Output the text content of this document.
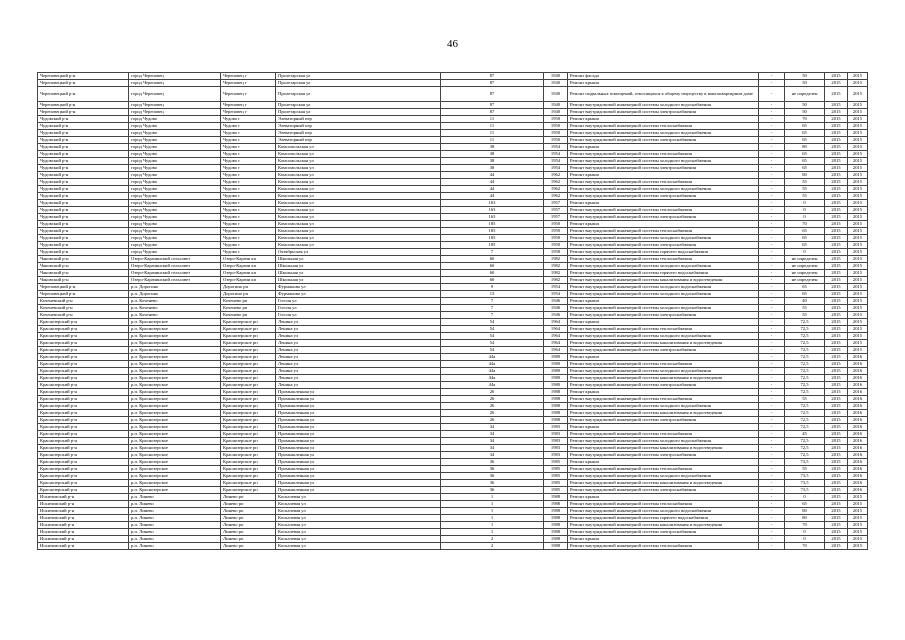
46
Череповецкий р-н	город Череповец	Череповец г	Пролетарская ул	87	1940	Ремонт фасада	-	50	2015	2015
Череповецкий р-н	город Череповец	Череповец г	Пролетарская ул	87	1940	Ремонт крыши	-	50	2015	2015
Череповецкий р-н	город Череповец	Череповец г	Пролетарская ул	87	1940	Ремонт подвальных помещений, относящихся к общему имуществу в многоквартирном доме	-	не определен	2015	2015
Череповецкий р-н	город Череповец	Череповец г	Пролетарская ул	87	1940	Ремонт внутридомовой инженерной системы холодного водоснабжения	-	50	2015	2015
Череповецкий р-н	город Череповец	Череповец г	Пролетарская ул	87	1940	Ремонт внутридомовой инженерной системы электроснабжения	-	50	2015	2015
Чудовский р-н	город Чудово	Чудово г	Элеваторный пер	11	1950	Ремонт крыши	-	70	2015	2015
Чудовский р-н	город Чудово	Чудово г	Элеваторный пер	11	1950	Ремонт внутридомовой инженерной системы теплоснабжения	-	65	2015	2015
Чудовский р-н	город Чудово	Чудово г	Элеваторный пер	11	1950	Ремонт внутридомовой инженерной системы холодного водоснабжения	-	65	2015	2015
Чудовский р-н	город Чудово	Чудово г	Элеваторный пер	11	1950	Ремонт внутридомовой инженерной системы электроснабжения	-	65	2015	2015
Чудовский р-н	город Чудово	Чудово г	Комсомольская ул	38	1954	Ремонт крыши	-	80	2015	2015
Чудовский р-н	город Чудово	Чудово г	Комсомольская ул	38	1954	Ремонт внутридомовой инженерной системы теплоснабжения	-	65	2015	2015
Чудовский р-н	город Чудово	Чудово г	Комсомольская ул	38	1954	Ремонт внутридомовой инженерной системы холодного водоснабжения	-	65	2015	2015
Чудовский р-н	город Чудово	Чудово г	Комсомольская ул	38	1954	Ремонт внутридомовой инженерной системы электроснабжения	-	65	2015	2015
Чудовский р-н	город Чудово	Чудово г	Комсомольская ул	44	1962	Ремонт крыши	-	80	2015	2015
Чудовский р-н	город Чудово	Чудово г	Комсомольская ул	44	1962	Ремонт внутридомовой инженерной системы теплоснабжения	-	55	2015	2015
Чудовский р-н	город Чудово	Чудово г	Комсомольская ул	44	1962	Ремонт внутридомовой инженерной системы холодного водоснабжения	-	55	2015	2015
Чудовский р-н	город Чудово	Чудово г	Комсомольская ул	44	1962	Ремонт внутридомовой инженерной системы электроснабжения	-	55	2015	2015
Чудовский р-н	город Чудово	Чудово г	Комсомольская ул	163	1957	Ремонт крыши	-	0	2015	2015
Чудовский р-н	город Чудово	Чудово г	Комсомольская ул	163	1957	Ремонт внутридомовой инженерной системы теплоснабжения	-	0	2015	2015
Чудовский р-н	город Чудово	Чудово г	Комсомольская ул	163	1957	Ремонт внутридомовой инженерной системы электроснабжения	-	0	2015	2015
Чудовский р-н	город Чудово	Чудово г	Комсомольская ул	185	1950	Ремонт крыши	-	70	2015	2015
Чудовский р-н	город Чудово	Чудово г	Комсомольская ул	185	1950	Ремонт внутридомовой инженерной системы теплоснабжения	-	65	2015	2015
Чудовский р-н	город Чудово	Чудово г	Комсомольская ул	185	1950	Ремонт внутридомовой инженерной системы холодного водоснабжения	-	65	2015	2015
Чудовский р-н	город Чудово	Чудово г	Комсомольская ул	185	1950	Ремонт внутридомовой инженерной системы электроснабжения	-	65	2015	2015
Чудовский р-н	город Чудово	Чудово г	Октябрьская ул	7	1958	Ремонт внутридомовой инженерной системы горячего водоснабжения	-	0	2015	2015
Чановский р-н	Озеро-Карачинский сельсовет	Озеро-Карачи кп	Школьная ул	60	1982	Ремонт внутридомовой инженерной системы теплоснабжения	-	не определен	2015	2015
Чановский р-н	Озеро-Карачинский сельсовет	Озеро-Карачи кп	Школьная ул	60	1982	Ремонт внутридомовой инженерной системы холодного водоснабжения	-	не определен	2015	2015
Чановский р-н	Озеро-Карачинский сельсовет	Озеро-Карачи кп	Школьная ул	60	1982	Ремонт внутридомовой инженерной системы горячего водоснабжения	-	не определен	2015	2015
Чановский р-н	Озеро-Карачинский сельсовет	Озеро-Карачи кп	Школьная ул	60	1982	Ремонт внутридомовой инженерной системы канализования и водоотведения	-	не определен	2015	2015
Череповецкий р-н	р.п. Дорогино	Дорогино рп	Фурманова ул	9	1954	Ремонт внутридомовой инженерной системы холодного водоснабжения	-	65	2015	2015
Череповецкий р-н	р.п. Дорогино	Дорогино рп	Фурманова ул	13	1954	Ремонт внутридомовой инженерной системы холодного водоснабжения	-	65	2015	2015
Коченевский р-н	р.п. Коченево	Коченево рп	Гоголя ул	7	1946	Ремонт крыши	-	40	2015	2015
Коченевский р-н	р.п. Коченево	Коченево рп	Гоголя ул	7	1946	Ремонт внутридомовой инженерной системы холодного водоснабжения	-	55	2015	2015
Коченевский р-н	р.п. Коченево	Коченево рп	Гоголя ул	7	1946	Ремонт внутридомовой инженерной системы электроснабжения	-	55	2015	2015
Краснозерский р-н	р.п. Краснозерское	Краснозерское рп	Ленина ул	54	1964	Ремонт крыши	-	72,5	2015	2015
Краснозерский р-н	р.п. Краснозерское	Краснозерское рп	Ленина ул	54	1964	Ремонт внутридомовой инженерной системы теплоснабжения	-	72,5	2015	2015
Краснозерский р-н	р.п. Краснозерское	Краснозерское рп	Ленина ул	54	1964	Ремонт внутридомовой инженерной системы холодного водоснабжения	-	72,5	2015	2015
Краснозерский р-н	р.п. Краснозерское	Краснозерское рп	Ленина ул	54	1964	Ремонт внутридомовой инженерной системы канализования и водоотведения	-	72,5	2015	2015
Краснозерский р-н	р.п. Краснозерское	Краснозерское рп	Ленина ул	54	1964	Ремонт внутридомовой инженерной системы электроснабжения	-	72,5	2015	2015
Краснозерский р-н	р.п. Краснозерское	Краснозерское рп	Ленина ул	44а	1980	Ремонт крыши	-	72,5	2015	2016
Краснозерский р-н	р.п. Краснозерское	Краснозерское рп	Ленина ул	44а	1980	Ремонт внутридомовой инженерной системы теплоснабжения	-	72,5	2015	2016
Краснозерский р-н	р.п. Краснозерское	Краснозерское рп	Ленина ул	44а	1980	Ремонт внутридомовой инженерной системы холодного водоснабжения	-	72,5	2015	2016
Краснозерский р-н	р.п. Краснозерское	Краснозерское рп	Ленина ул	44а	1980	Ремонт внутридомовой инженерной системы канализования и водоотведения	-	72,5	2015	2016
Краснозерский р-н	р.п. Краснозерское	Краснозерское рп	Ленина ул	44а	1980	Ремонт внутридомовой инженерной системы электроснабжения	-	72,5	2015	2016
Краснозерский р-н	р.п. Краснозерское	Краснозерское рп	Промышленная ул	26	1988	Ремонт крыши	-	72,5	2015	2016
Краснозерский р-н	р.п. Краснозерское	Краснозерское рп	Промышленная ул	26	1988	Ремонт внутридомовой инженерной системы теплоснабжения	-	55	2015	2016
Краснозерский р-н	р.п. Краснозерское	Краснозерское рп	Промышленная ул	26	1988	Ремонт внутридомовой инженерной системы холодного водоснабжения	-	72,5	2015	2016
Краснозерский р-н	р.п. Краснозерское	Краснозерское рп	Промышленная ул	26	1988	Ремонт внутридомовой инженерной системы канализования и водоотведения	-	72,5	2015	2016
Краснозерский р-н	р.п. Краснозерское	Краснозерское рп	Промышленная ул	26	1988	Ремонт внутридомовой инженерной системы электроснабжения	-	72,5	2015	2016
Краснозерский р-н	р.п. Краснозерское	Краснозерское рп	Промышленная ул	34	1983	Ремонт крыши	-	72,5	2015	2016
Краснозерский р-н	р.п. Краснозерское	Краснозерское рп	Промышленная ул	34	1983	Ремонт внутридомовой инженерной системы теплоснабжения	-	45	2015	2016
Краснозерский р-н	р.п. Краснозерское	Краснозерское рп	Промышленная ул	34	1983	Ремонт внутридомовой инженерной системы холодного водоснабжения	-	72,5	2015	2016
Краснозерский р-н	р.п. Краснозерское	Краснозерское рп	Промышленная ул	34	1983	Ремонт внутридомовой инженерной системы канализования и водоотведения	-	72,5	2015	2016
Краснозерский р-н	р.п. Краснозерское	Краснозерское рп	Промышленная ул	34	1983	Ремонт внутридомовой инженерной системы электроснабжения	-	72,5	2015	2016
Краснозерский р-н	р.п. Краснозерское	Краснозерское рп	Промышленная ул	36	1985	Ремонт крыши	-	73,5	2015	2016
Краснозерский р-н	р.п. Краснозерское	Краснозерское рп	Промышленная ул	36	1985	Ремонт внутридомовой инженерной системы теплоснабжения	-	55	2015	2016
Краснозерский р-н	р.п. Краснозерское	Краснозерское рп	Промышленная ул	36	1985	Ремонт внутридомовой инженерной системы холодного водоснабжения	-	73,5	2015	2016
Краснозерский р-н	р.п. Краснозерское	Краснозерское рп	Промышленная ул	36	1985	Ремонт внутридомовой инженерной системы канализования и водоотведения	-	73,5	2015	2016
Краснозерский р-н	р.п. Краснозерское	Краснозерское рп	Промышленная ул	36	1985	Ремонт внутридомовой инженерной системы электроснабжения	-	73,5	2015	2016
Искитимский р-н	р.п. Линево	Линево рп	Коскалевая ул	1	1988	Ремонт крыши	-	0	2015	2015
Искитимский р-н	р.п. Линево	Линево рп	Коскалевая ул	1	1988	Ремонт внутридомовой инженерной системы теплоснабжения	-	65	2015	2015
Искитимский р-н	р.п. Линево	Линево рп	Коскалевая ул	1	1988	Ремонт внутридомовой инженерной системы холодного водоснабжения	-	80	2015	2015
Искитимский р-н	р.п. Линево	Линево рп	Коскалевая ул	1	1988	Ремонт внутридомовой инженерной системы горячего водоснабжения	-	80	2015	2015
Искитимский р-н	р.п. Линево	Линево рп	Коскалевая ул	1	1988	Ремонт внутридомовой инженерной системы канализования и водоотведения	-	70	2015	2015
Искитимский р-н	р.п. Линево	Линево рп	Коскалевая ул	1	1988	Ремонт внутридомовой инженерной системы электроснабжения	-	0	2015	2015
Искитимский р-н	р.п. Линево	Линево рп	Коскалевая ул	2	1988	Ремонт крыши	-	0	2015	2015
Искитимский р-н	р.п. Линево	Линево рп	Коскалевая ул	2	1988	Ремонт внутридомовой инженерной системы теплоснабжения	-	70	2015	2015
